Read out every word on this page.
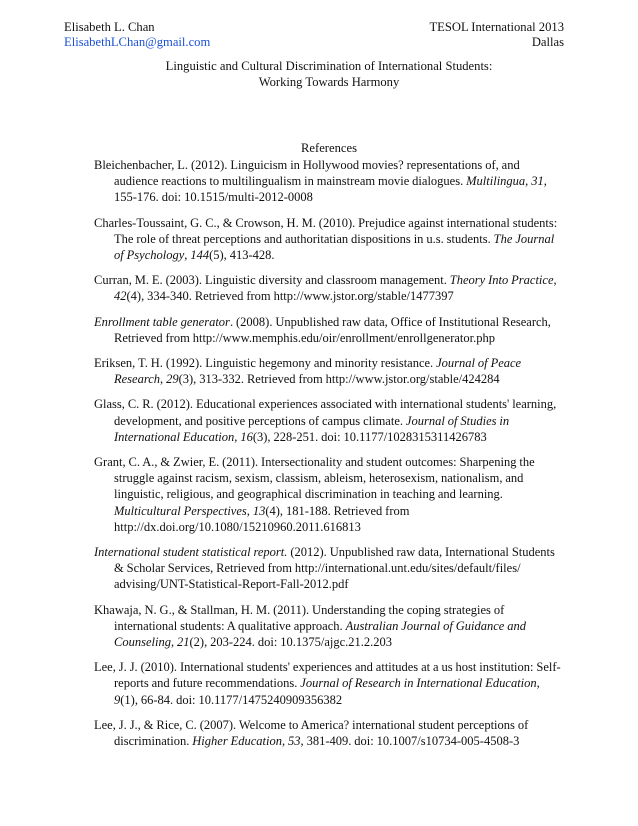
Elisabeth L. Chan
ElisabethLChan@gmail.com
TESOL International 2013
Dallas
Linguistic and Cultural Discrimination of International Students:
Working Towards Harmony
References
Bleichenbacher, L. (2012). Linguicism in Hollywood movies? representations of, and audience reactions to multilingualism in mainstream movie dialogues. Multilingua, 31, 155-176. doi: 10.1515/multi-2012-0008
Charles-Toussaint, G. C., & Crowson, H. M. (2010). Prejudice against international students: The role of threat perceptions and authoritatian dispositions in u.s. students. The Journal of Psychology, 144(5), 413-428.
Curran, M. E. (2003). Linguistic diversity and classroom management. Theory Into Practice, 42(4), 334-340. Retrieved from http://www.jstor.org/stable/1477397
Enrollment table generator. (2008). Unpublished raw data, Office of Institutional Research, Retrieved from http://www.memphis.edu/oir/enrollment/enrollgenerator.php
Eriksen, T. H. (1992). Linguistic hegemony and minority resistance. Journal of Peace Research, 29(3), 313-332. Retrieved from http://www.jstor.org/stable/424284
Glass, C. R. (2012). Educational experiences associated with international students' learning, development, and positive perceptions of campus climate. Journal of Studies in International Education, 16(3), 228-251. doi: 10.1177/1028315311426783
Grant, C. A., & Zwier, E. (2011). Intersectionality and student outcomes: Sharpening the struggle against racism, sexism, classism, ableism, heterosexism, nationalism, and linguistic, religious, and geographical discrimination in teaching and learning. Multicultural Perspectives, 13(4), 181-188. Retrieved from http://dx.doi.org/10.1080/15210960.2011.616813
International student statistical report. (2012). Unpublished raw data, International Students & Scholar Services, Retrieved from http://international.unt.edu/sites/default/files/ advising/UNT-Statistical-Report-Fall-2012.pdf
Khawaja, N. G., & Stallman, H. M. (2011). Understanding the coping strategies of international students: A qualitative approach. Australian Journal of Guidance and Counseling, 21(2), 203-224. doi: 10.1375/ajgc.21.2.203
Lee, J. J. (2010). International students' experiences and attitudes at a us host institution: Self-reports and future recommendations. Journal of Research in International Education, 9(1), 66-84. doi: 10.1177/1475240909356382
Lee, J. J., & Rice, C. (2007). Welcome to America? international student perceptions of discrimination. Higher Education, 53, 381-409. doi: 10.1007/s10734-005-4508-3
